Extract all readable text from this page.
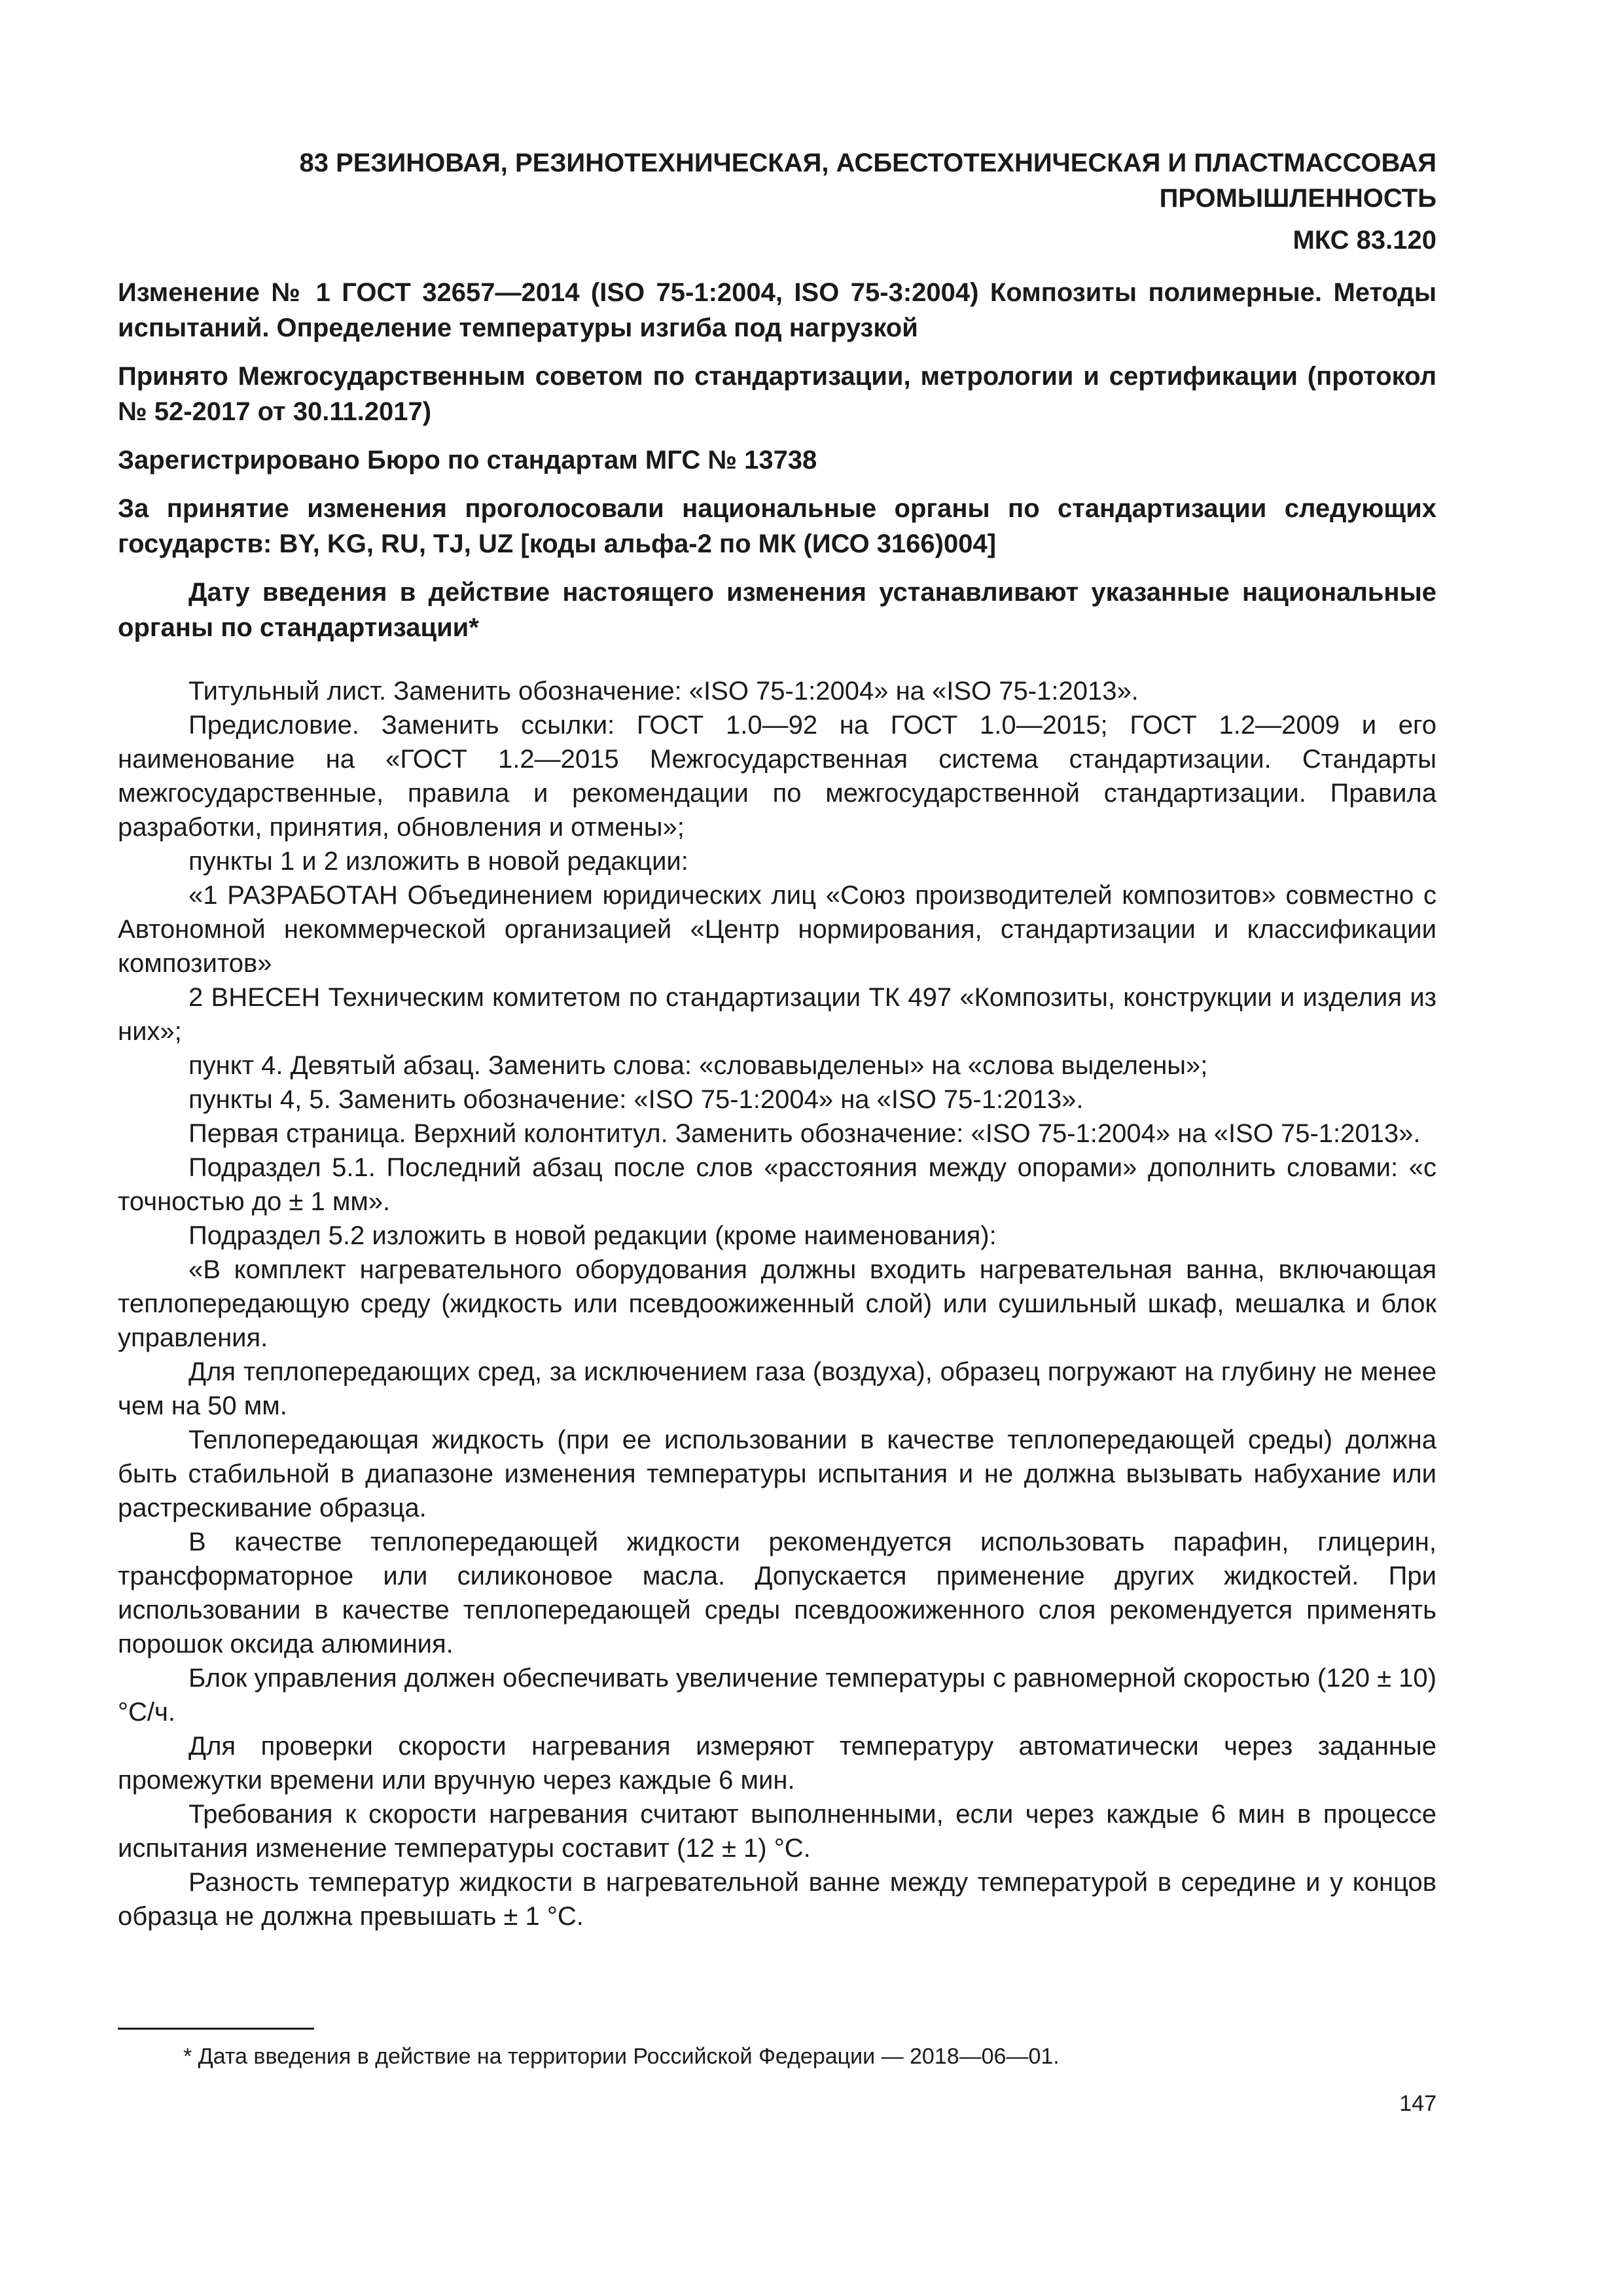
83 РЕЗИНОВАЯ, РЕЗИНОТЕХНИЧЕСКАЯ, АСБЕСТОТЕХНИЧЕСКАЯ И ПЛАСТМАССОВАЯ ПРОМЫШЛЕННОСТЬ
МКС 83.120

Изменение № 1 ГОСТ 32657—2014 (ISO 75-1:2004, ISO 75-3:2004) Композиты полимерные. Методы испытаний. Определение температуры изгиба под нагрузкой

Принято Межгосударственным советом по стандартизации, метрологии и сертификации (протокол № 52-2017 от 30.11.2017)

Зарегистрировано Бюро по стандартам МГС № 13738

За принятие изменения проголосовали национальные органы по стандартизации следующих государств: BY, KG, RU, TJ, UZ [коды альфа-2 по МК (ИСО 3166)004]

Дату введения в действие настоящего изменения устанавливают указанные национальные органы по стандартизации*

Титульный лист. Заменить обозначение: «ISO 75-1:2004» на «ISO 75-1:2013».

Предисловие. Заменить ссылки: ГОСТ 1.0—92 на ГОСТ 1.0—2015; ГОСТ 1.2—2009 и его наименование на «ГОСТ 1.2—2015 Межгосударственная система стандартизации. Стандарты межгосударственные, правила и рекомендации по межгосударственной стандартизации. Правила разработки, принятия, обновления и отмены»;

пункты 1 и 2 изложить в новой редакции:

«1 РАЗРАБОТАН Объединением юридических лиц «Союз производителей композитов» совместно с Автономной некоммерческой организацией «Центр нормирования, стандартизации и классификации композитов»

2 ВНЕСЕН Техническим комитетом по стандартизации ТК 497 «Композиты, конструкции и изделия из них»;

пункт 4. Девятый абзац. Заменить слова: «словавыделены» на «слова выделены»;

пункты 4, 5. Заменить обозначение: «ISO 75-1:2004» на «ISO 75-1:2013».

Первая страница. Верхний колонтитул. Заменить обозначение: «ISO 75-1:2004» на «ISO 75-1:2013».

Подраздел 5.1. Последний абзац после слов «расстояния между опорами» дополнить словами: «с точностью до ± 1 мм».

Подраздел 5.2 изложить в новой редакции (кроме наименования):

«В комплект нагревательного оборудования должны входить нагревательная ванна, включающая теплопередающую среду (жидкость или псевдоожиженный слой) или сушильный шкаф, мешалка и блок управления.

Для теплопередающих сред, за исключением газа (воздуха), образец погружают на глубину не менее чем на 50 мм.

Теплопередающая жидкость (при ее использовании в качестве теплопередающей среды) должна быть стабильной в диапазоне изменения температуры испытания и не должна вызывать набухание или растрескивание образца.

В качестве теплопередающей жидкости рекомендуется использовать парафин, глицерин, трансформаторное или силиконовое масла. Допускается применение других жидкостей. При использовании в качестве теплопередающей среды псевдоожиженного слоя рекомендуется применять порошок оксида алюминия.

Блок управления должен обеспечивать увеличение температуры с равномерной скоростью (120 ± 10) °С/ч.

Для проверки скорости нагревания измеряют температуру автоматически через заданные промежутки времени или вручную через каждые 6 мин.

Требования к скорости нагревания считают выполненными, если через каждые 6 мин в процессе испытания изменение температуры составит (12 ± 1) °С.

Разность температур жидкости в нагревательной ванне между температурой в середине и у концов образца не должна превышать ± 1 °С.

* Дата введения в действие на территории Российской Федерации — 2018—06—01.
147
